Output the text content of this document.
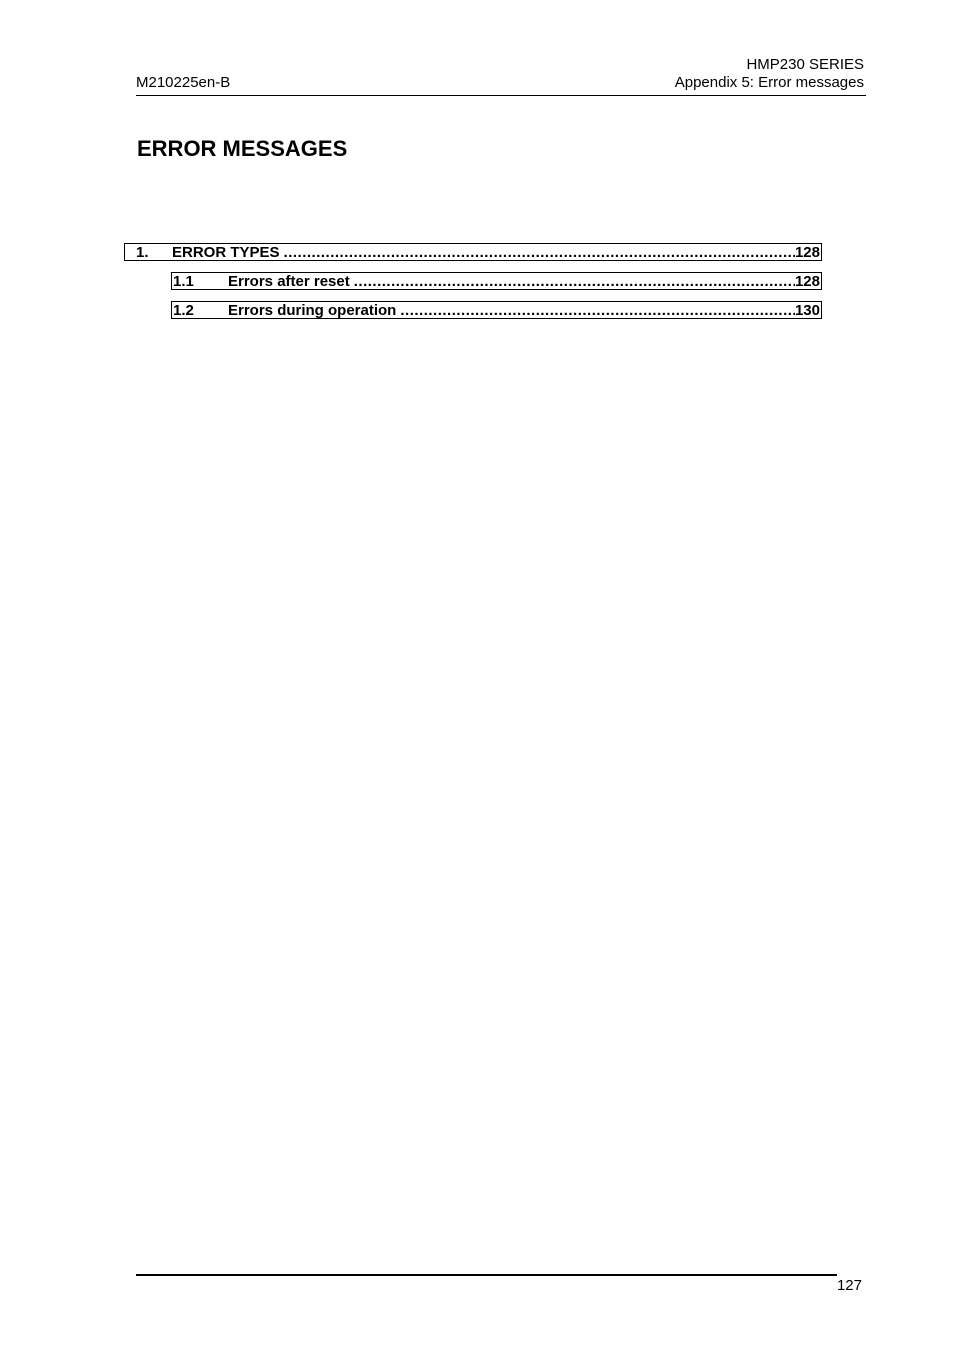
M210225en-B
HMP230 SERIES
Appendix 5: Error messages
ERROR MESSAGES
1.	ERROR TYPES .....	128
1.1	Errors after reset .....	128
1.2	Errors during operation .....	130
127
